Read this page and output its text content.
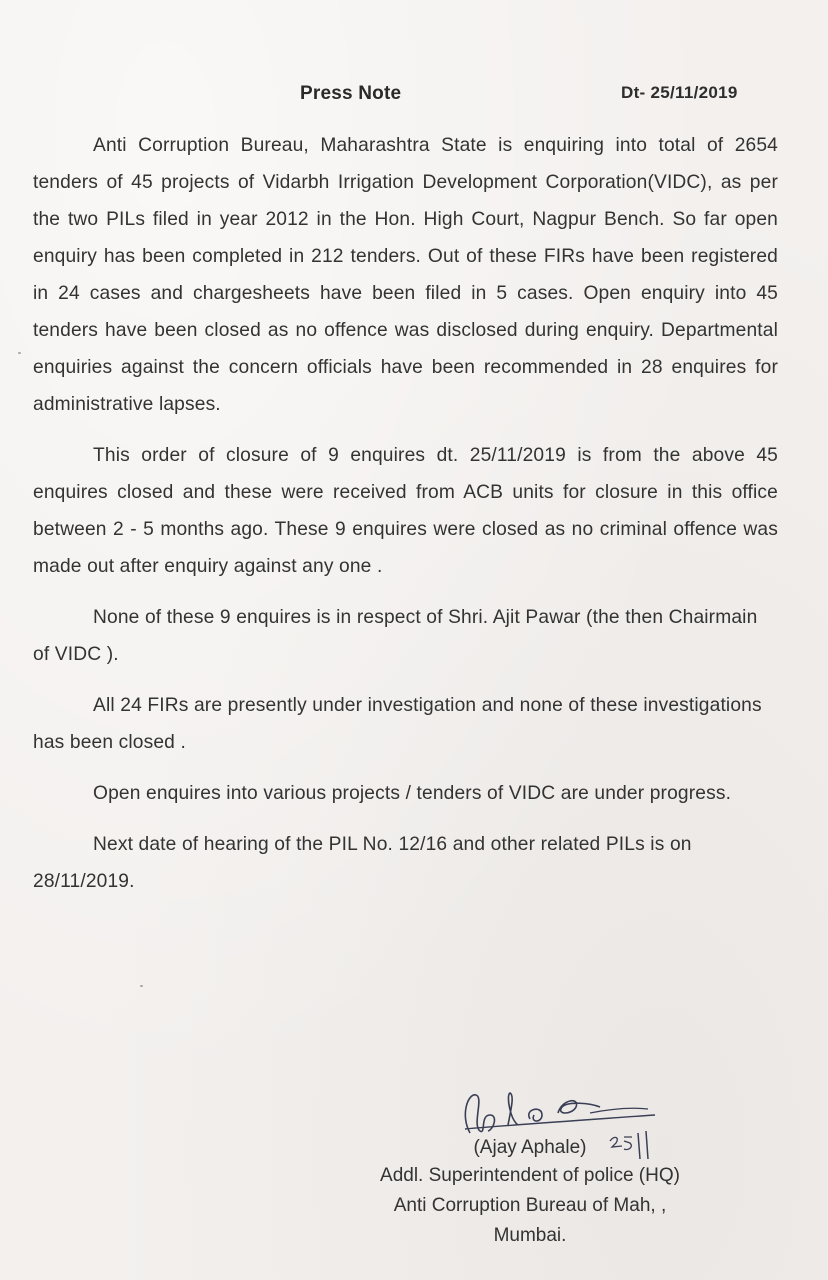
Press Note	Dt- 25/11/2019

Anti Corruption Bureau, Maharashtra State is enquiring into total of 2654 tenders of 45 projects of Vidarbh Irrigation Development Corporation(VIDC), as per the two PILs filed in year 2012 in the Hon. High Court, Nagpur Bench. So far open enquiry has been completed in 212 tenders. Out of these FIRs have been registered in 24 cases and chargesheets have been filed in 5 cases. Open enquiry into 45 tenders have been closed as no offence was disclosed during enquiry. Departmental enquiries against the concern officials have been recommended in 28 enquires for administrative lapses.

This order of closure of 9 enquires dt. 25/11/2019 is from the above 45 enquires closed and these were received from ACB units for closure in this office between 2 - 5 months ago. These 9 enquires were closed as no criminal offence was made out after enquiry against any one .

None of these 9 enquires is in respect of Shri. Ajit Pawar (the then Chairmain of VIDC ).

All 24 FIRs are presently under investigation and none of these investigations has been closed .

Open enquires into various projects / tenders of VIDC are under progress.

Next date of hearing of the PIL No. 12/16 and other related PILs is on 28/11/2019.

(Ajay Aphale)
Addl. Superintendent of police (HQ)
Anti Corruption Bureau of Mah, ,
Mumbai.
